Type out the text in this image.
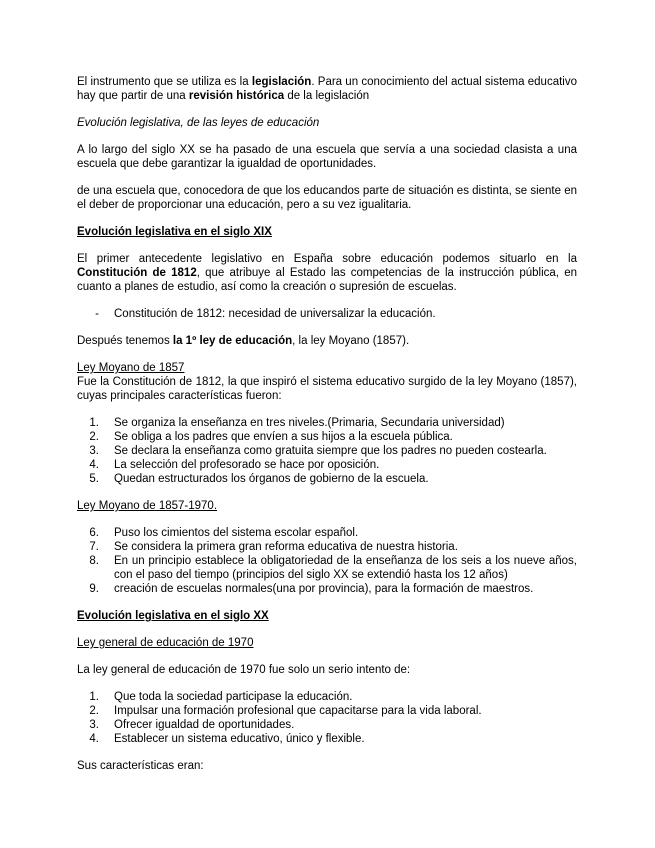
El instrumento que se utiliza es la legislación. Para un conocimiento del actual sistema educativo hay que partir de una revisión histórica de la legislación

Evolución legislativa, de las leyes de educación

A lo largo del siglo XX se ha pasado de una escuela que servía a una sociedad clasista a una escuela que debe garantizar la igualdad de oportunidades.

de una escuela que, conocedora de que los educandos parte de situación es distinta, se siente en el deber de proporcionar una educación, pero a su vez igualitaria.

Evolución legislativa en el siglo XIX

El primer antecedente legislativo en España sobre educación podemos situarlo en la Constitución de 1812, que atribuye al Estado las competencias de la instrucción pública, en cuanto a planes de estudio, así como la creación o supresión de escuelas.

-	Constitución de 1812: necesidad de universalizar la educación.

Después tenemos la 1º ley de educación, la ley Moyano (1857).

Ley Moyano de 1857

Fue la Constitución de 1812, la que inspiró el sistema educativo surgido de la ley Moyano (1857), cuyas principales características fueron:

1.	Se organiza la enseñanza en tres niveles.(Primaria, Secundaria universidad)
2.	Se obliga a los padres que envíen a sus hijos a la escuela pública.
3.	Se declara la enseñanza como gratuita siempre que los padres no pueden costearla.
4.	La selección del profesorado se hace por oposición.
5.	Quedan estructurados los órganos de gobierno de la escuela.

Ley Moyano de 1857-1970.

6.	Puso los cimientos del sistema escolar español.
7.	Se considera la primera gran reforma educativa de nuestra historia.
8.	En un principio establece la obligatoriedad de la enseñanza de los seis a los nueve años, con el paso del tiempo (principios del siglo XX se extendió hasta los 12 años)
9.	creación de escuelas normales(una por provincia), para la formación de maestros.

Evolución legislativa en el siglo XX

Ley general de educación de 1970

La ley general de educación de 1970 fue solo un serio intento de:

1.	Que toda la sociedad participase la educación.
2.	Impulsar una formación profesional que capacitarse para la vida laboral.
3.	Ofrecer igualdad de oportunidades.
4.	Establecer un sistema educativo, único y flexible.

Sus características eran:
